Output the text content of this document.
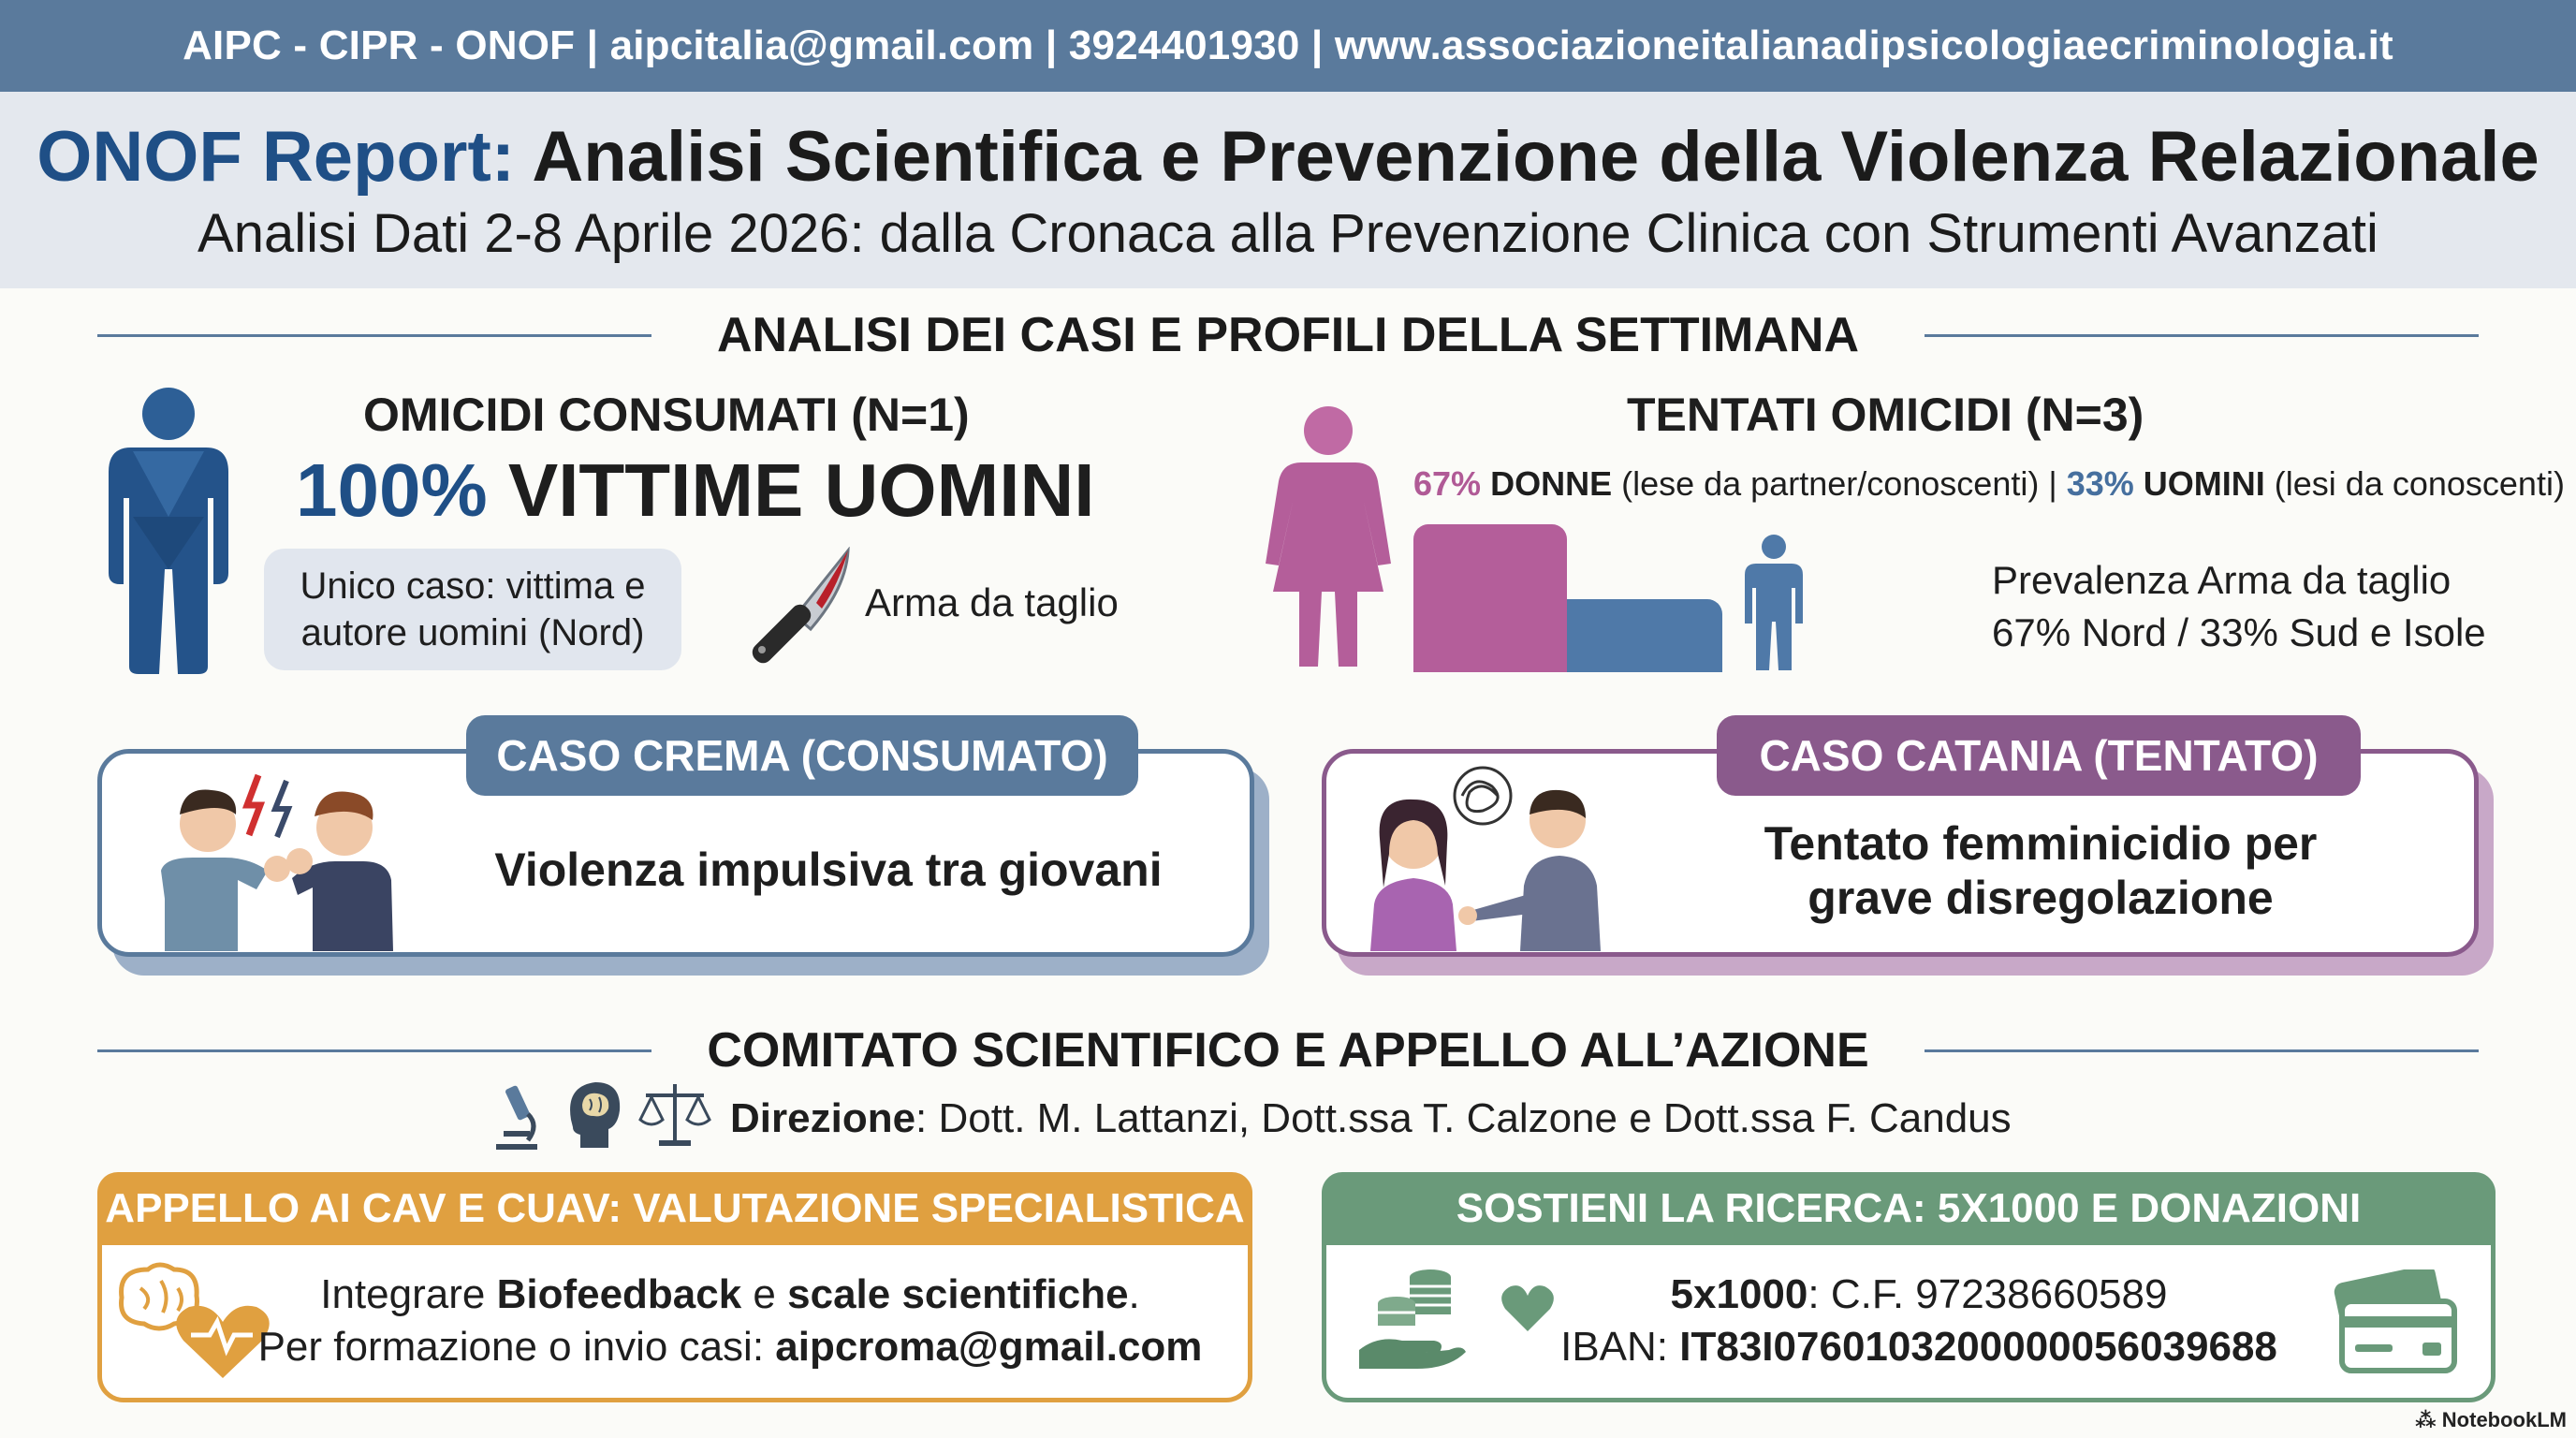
AIPC - CIPR - ONOF | aipcitalia@gmail.com | 3924401930 | www.associazioneitalianadipsicologiaecriminologia.it
ONOF Report: Analisi Scientifica e Prevenzione della Violenza Relazionale
Analisi Dati 2-8 Aprile 2026: dalla Cronaca alla Prevenzione Clinica con Strumenti Avanzati
ANALISI DEI CASI E PROFILI DELLA SETTIMANA
OMICIDI CONSUMATI (N=1)
100% VITTIME UOMINI
Unico caso: vittima e autore uomini (Nord)
Arma da taglio
TENTATI OMICIDI (N=3)
67% DONNE (lese da partner/conoscenti) | 33% UOMINI (lesi da conoscenti)
Prevalenza Arma da taglio
67% Nord / 33% Sud e Isole
CASO CREMA (CONSUMATO)
Violenza impulsiva tra giovani
CASO CATANIA (TENTATO)
Tentato femminicidio per
grave disregolazione
COMITATO SCIENTIFICO E APPELLO ALL’AZIONE
Direzione: Dott. M. Lattanzi, Dott.ssa T. Calzone e Dott.ssa F. Candus
APPELLO AI CAV E CUAV: VALUTAZIONE SPECIALISTICA
Integrare Biofeedback e scale scientifiche.
Per formazione o invio casi: aipcroma@gmail.com
SOSTIENI LA RICERCA: 5X1000 E DONAZIONI
5x1000: C.F. 97238660589
IBAN: IT83I0760103200000056039688
⁂ NotebookLM
